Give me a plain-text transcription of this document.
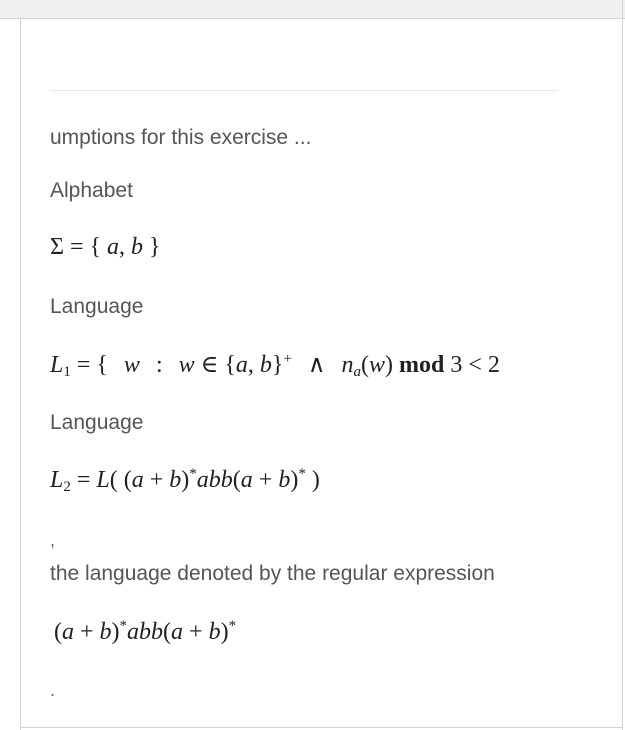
umptions for this exercise ...
Alphabet
Σ = { a, b }
Language
$L_1$ = { w : w ∈ {a, b}+ ∧ $n_a(w)$ mod 3 < 2
Language
$L_2 = L$( (a + b)*abb(a + b)* )
,
the language denoted by the regular expression
(a + b)*abb(a + b)*
.
